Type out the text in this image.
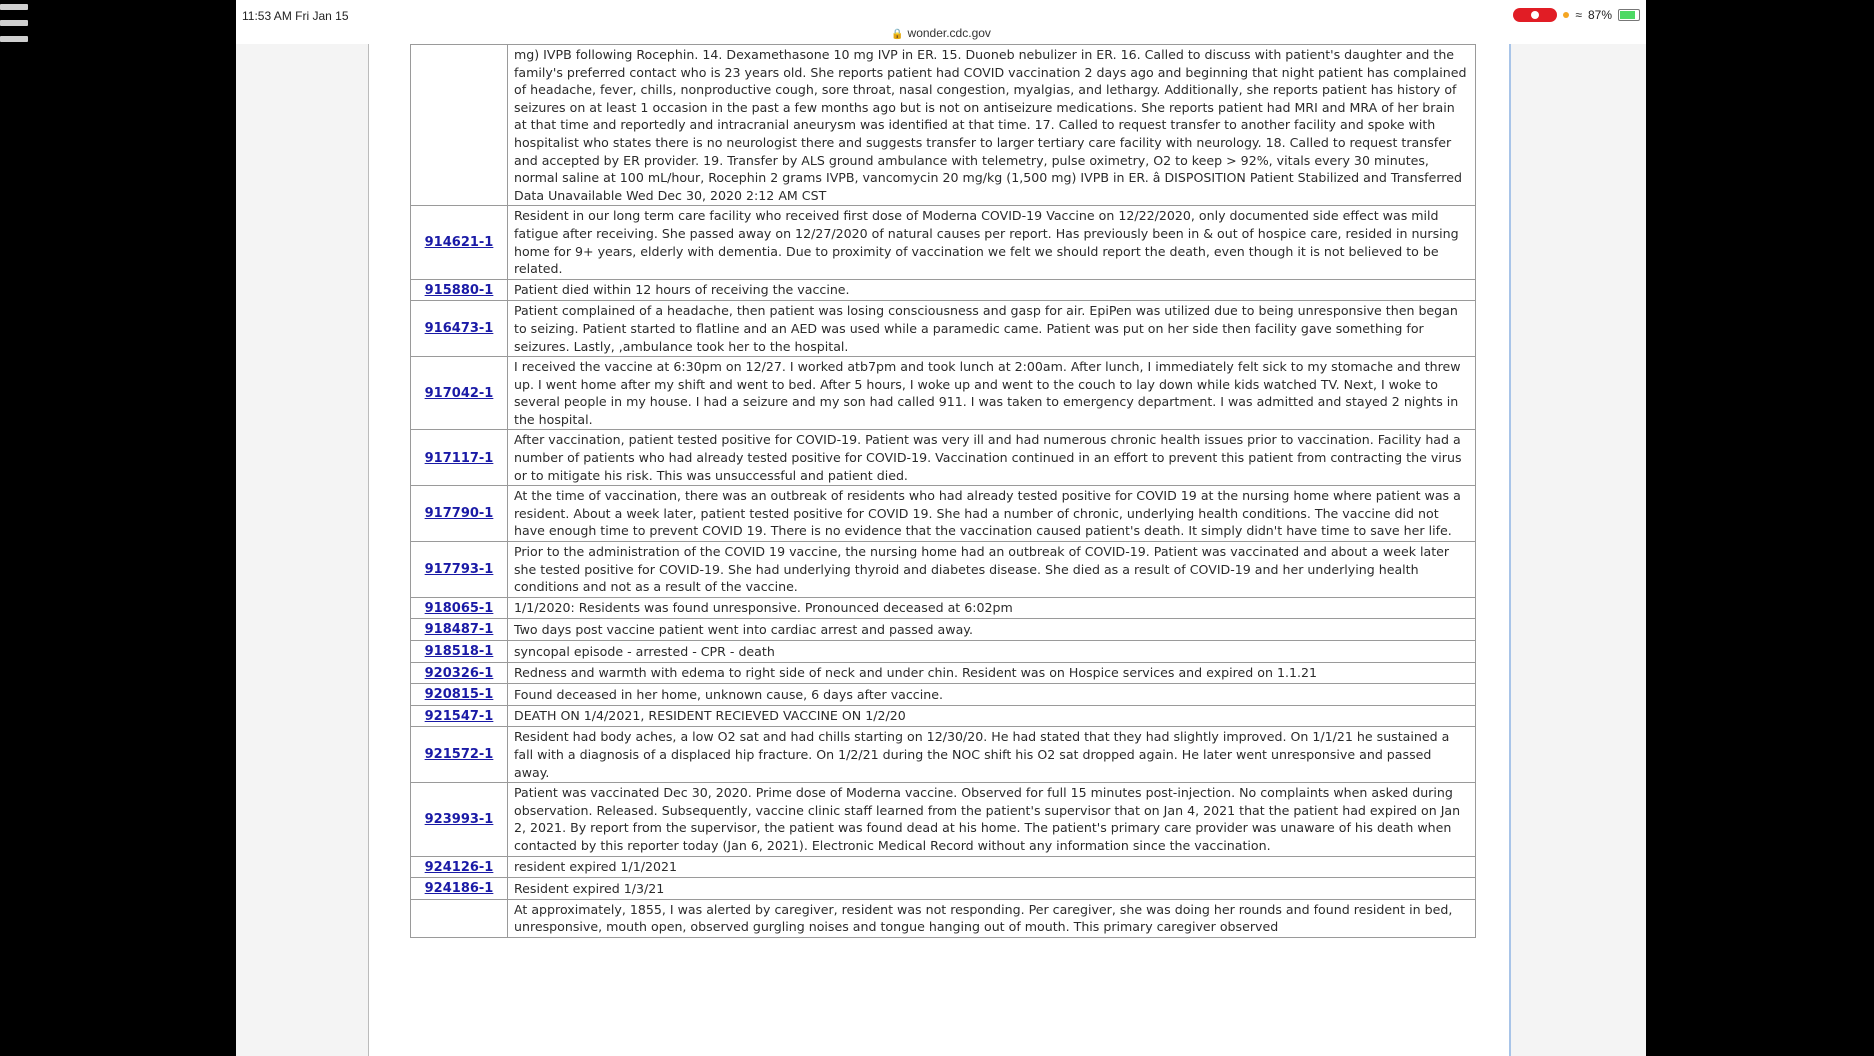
11:53 AM Fri Jan 15	≈ 87%
🔒 wonder.cdc.gov
	mg) IVPB following Rocephin. 14. Dexamethasone 10 mg IVP in ER. 15. Duoneb nebulizer in ER. 16. Called to discuss with patient's daughter and the family's preferred contact who is 23 years old. She reports patient had COVID vaccination 2 days ago and beginning that night patient has complained of headache, fever, chills, nonproductive cough, sore throat, nasal congestion, myalgias, and lethargy. Additionally, she reports patient has history of seizures on at least 1 occasion in the past a few months ago but is not on antiseizure medications. She reports patient had MRI and MRA of her brain at that time and reportedly and intracranial aneurysm was identified at that time. 17. Called to request transfer to another facility and spoke with hospitalist who states there is no neurologist there and suggests transfer to larger tertiary care facility with neurology. 18. Called to request transfer and accepted by ER provider. 19. Transfer by ALS ground ambulance with telemetry, pulse oximetry, O2 to keep > 92%, vitals every 30 minutes, normal saline at 100 mL/hour, Rocephin 2 grams IVPB, vancomycin 20 mg/kg (1,500 mg) IVPB in ER. â DISPOSITION Patient Stabilized and Transferred Data Unavailable Wed Dec 30, 2020 2:12 AM CST
914621-1	Resident in our long term care facility who received first dose of Moderna COVID-19 Vaccine on 12/22/2020, only documented side effect was mild fatigue after receiving. She passed away on 12/27/2020 of natural causes per report. Has previously been in & out of hospice care, resided in nursing home for 9+ years, elderly with dementia. Due to proximity of vaccination we felt we should report the death, even though it is not believed to be related.
915880-1	Patient died within 12 hours of receiving the vaccine.
916473-1	Patient complained of a headache, then patient was losing consciousness and gasp for air. EpiPen was utilized due to being unresponsive then began to seizing. Patient started to flatline and an AED was used while a paramedic came. Patient was put on her side then facility gave something for seizures. Lastly, ,ambulance took her to the hospital.
917042-1	I received the vaccine at 6:30pm on 12/27. I worked atb7pm and took lunch at 2:00am. After lunch, I immediately felt sick to my stomache and threw up. I went home after my shift and went to bed. After 5 hours, I woke up and went to the couch to lay down while kids watched TV. Next, I woke to several people in my house. I had a seizure and my son had called 911. I was taken to emergency department. I was admitted and stayed 2 nights in the hospital.
917117-1	After vaccination, patient tested positive for COVID-19. Patient was very ill and had numerous chronic health issues prior to vaccination. Facility had a number of patients who had already tested positive for COVID-19. Vaccination continued in an effort to prevent this patient from contracting the virus or to mitigate his risk. This was unsuccessful and patient died.
917790-1	At the time of vaccination, there was an outbreak of residents who had already tested positive for COVID 19 at the nursing home where patient was a resident. About a week later, patient tested positive for COVID 19. She had a number of chronic, underlying health conditions. The vaccine did not have enough time to prevent COVID 19. There is no evidence that the vaccination caused patient's death. It simply didn't have time to save her life.
917793-1	Prior to the administration of the COVID 19 vaccine, the nursing home had an outbreak of COVID-19. Patient was vaccinated and about a week later she tested positive for COVID-19. She had underlying thyroid and diabetes disease. She died as a result of COVID-19 and her underlying health conditions and not as a result of the vaccine.
918065-1	1/1/2020: Residents was found unresponsive. Pronounced deceased at 6:02pm
918487-1	Two days post vaccine patient went into cardiac arrest and passed away.
918518-1	syncopal episode - arrested - CPR - death
920326-1	Redness and warmth with edema to right side of neck and under chin. Resident was on Hospice services and expired on 1.1.21
920815-1	Found deceased in her home, unknown cause, 6 days after vaccine.
921547-1	DEATH ON 1/4/2021, RESIDENT RECIEVED VACCINE ON 1/2/20
921572-1	Resident had body aches, a low O2 sat and had chills starting on 12/30/20. He had stated that they had slightly improved. On 1/1/21 he sustained a fall with a diagnosis of a displaced hip fracture. On 1/2/21 during the NOC shift his O2 sat dropped again. He later went unresponsive and passed away.
923993-1	Patient was vaccinated Dec 30, 2020. Prime dose of Moderna vaccine. Observed for full 15 minutes post-injection. No complaints when asked during observation. Released. Subsequently, vaccine clinic staff learned from the patient's supervisor that on Jan 4, 2021 that the patient had expired on Jan 2, 2021. By report from the supervisor, the patient was found dead at his home. The patient's primary care provider was unaware of his death when contacted by this reporter today (Jan 6, 2021). Electronic Medical Record without any information since the vaccination.
924126-1	resident expired 1/1/2021
924186-1	Resident expired 1/3/21
	At approximately, 1855, I was alerted by caregiver, resident was not responding. Per caregiver, she was doing her rounds and found resident in bed, unresponsive, mouth open, observed gurgling noises and tongue hanging out of mouth. This primary caregiver observed
